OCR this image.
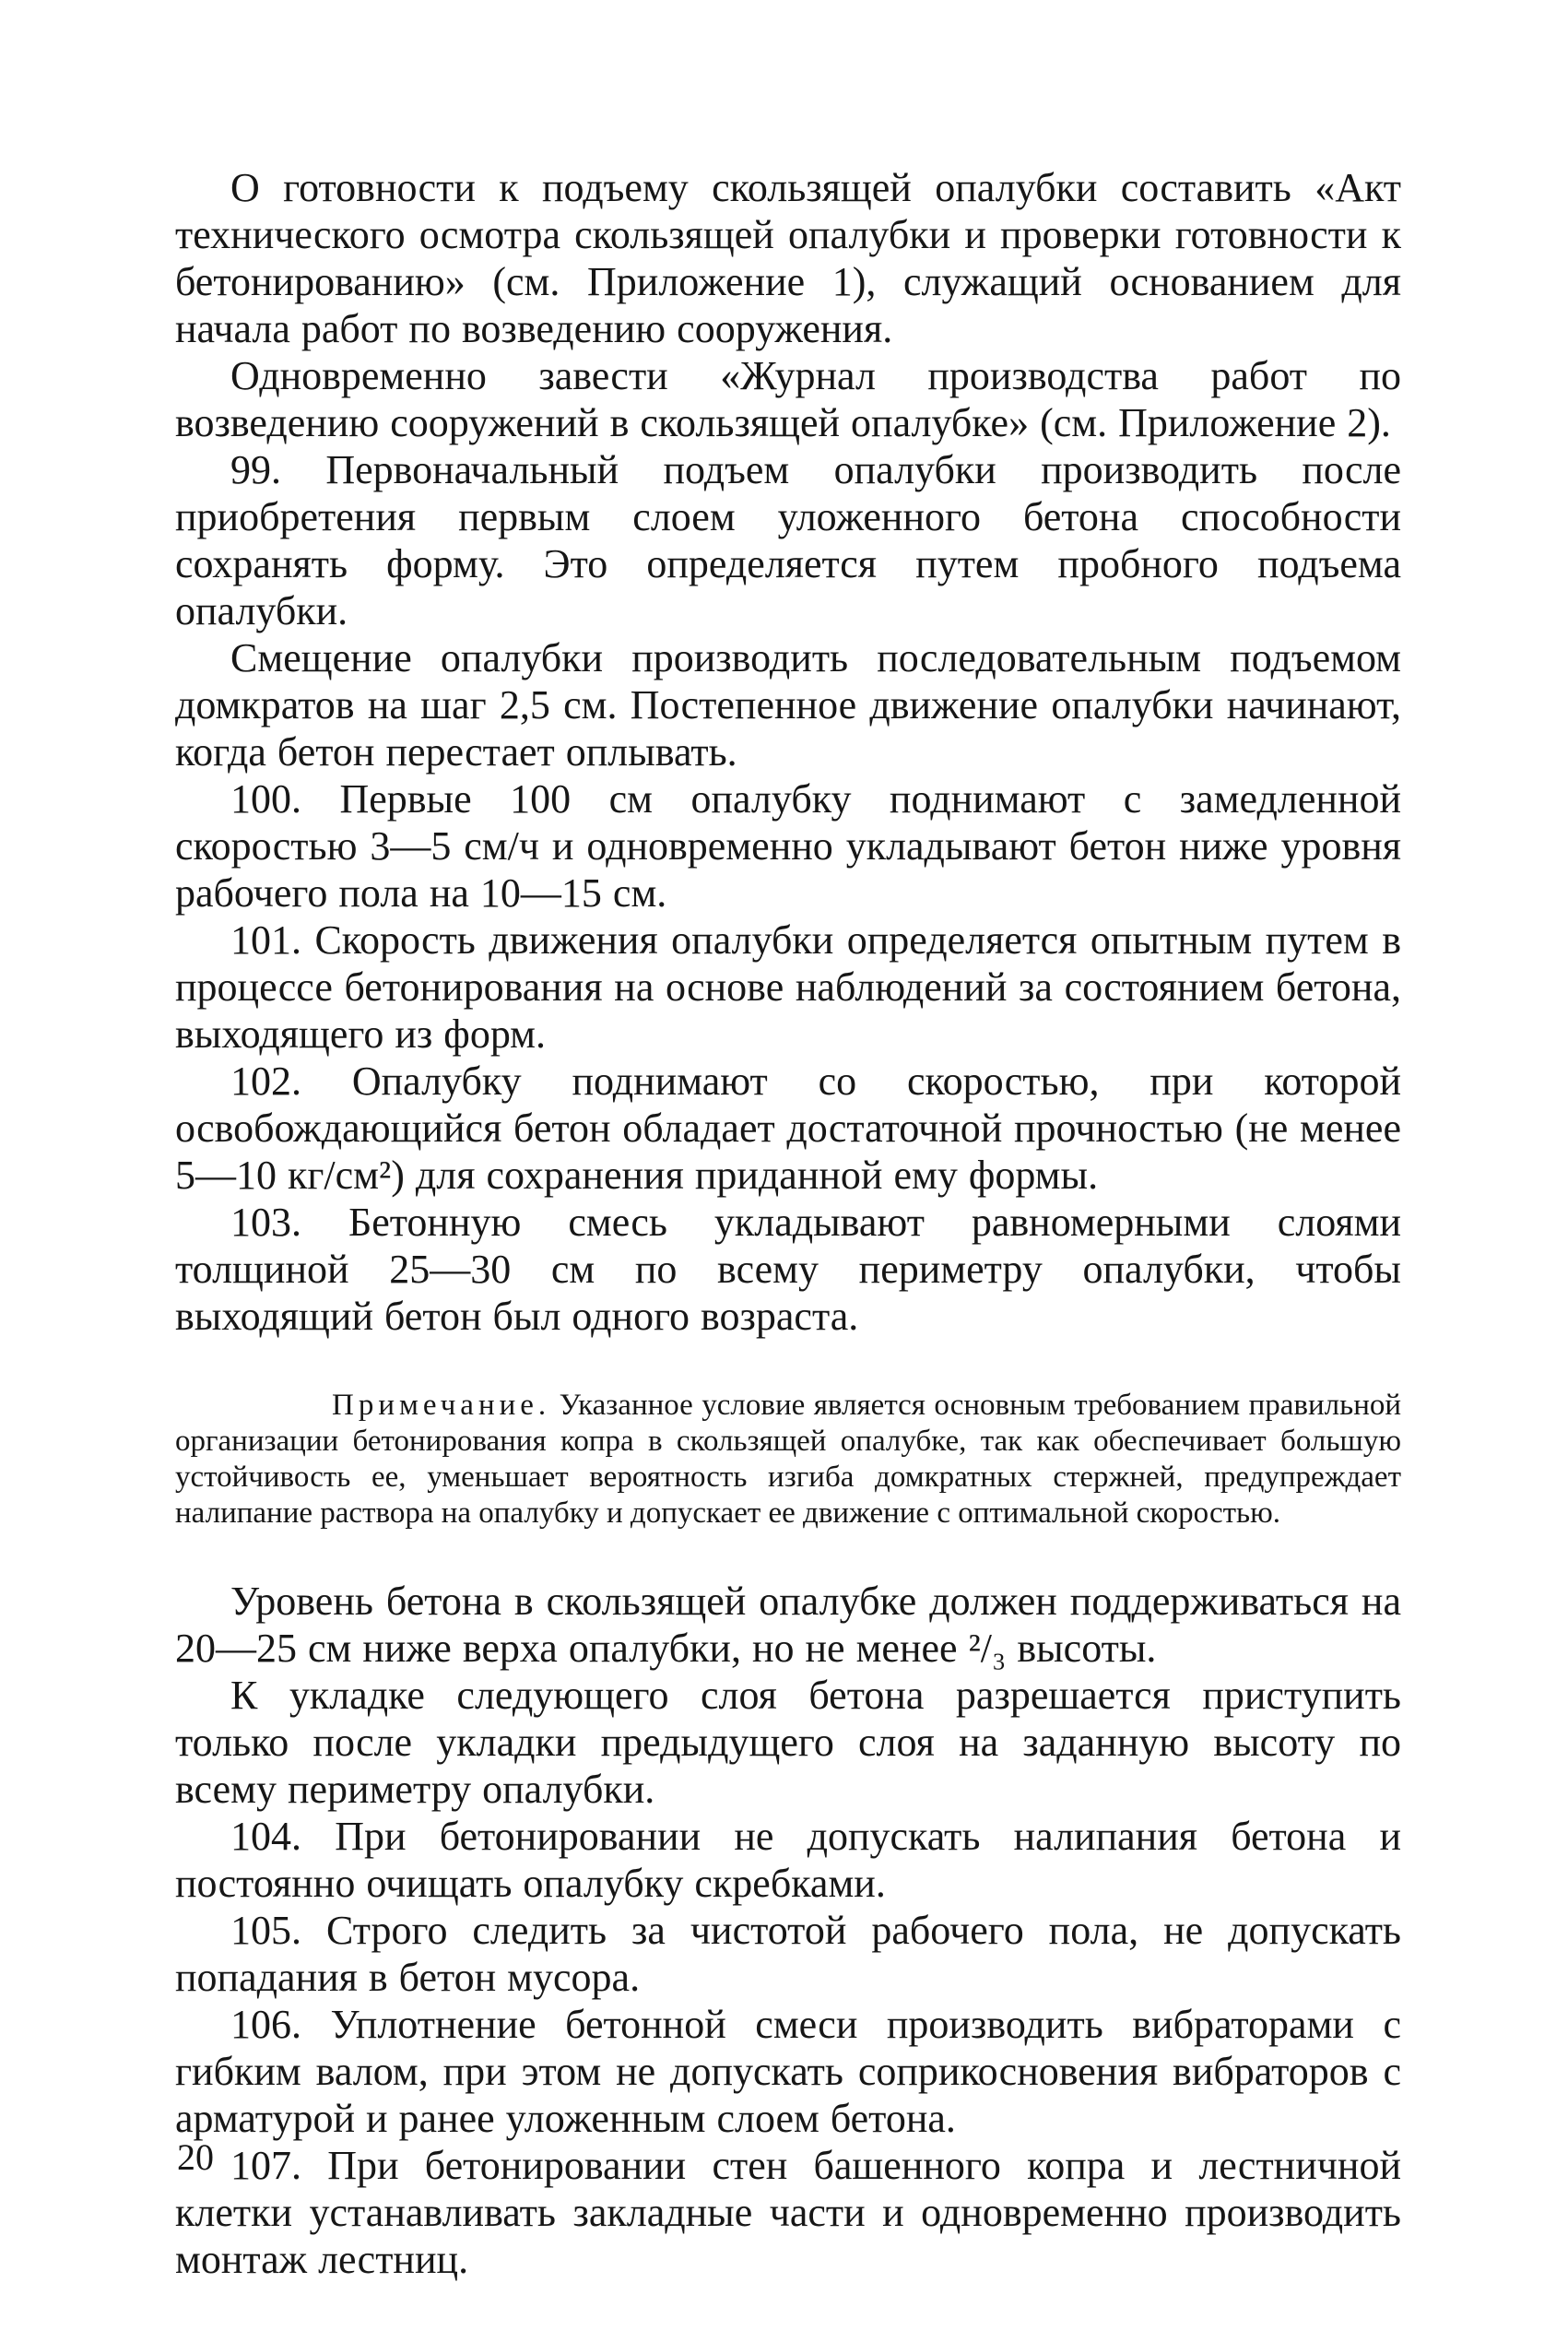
О готовности к подъему скользящей опалубки составить «Акт технического осмотра скользящей опалубки и проверки готовности к бетонированию» (см. Приложение 1), служащий основанием для начала работ по возведению сооружения.

Одновременно завести «Журнал производства работ по возведению сооружений в скользящей опалубке» (см. Приложение 2).

99. Первоначальный подъем опалубки производить после приобретения первым слоем уложенного бетона способности сохранять форму. Это определяется путем пробного подъема опалубки.

Смещение опалубки производить последовательным подъемом домкратов на шаг 2,5 см. Постепенное движение опалубки начинают, когда бетон перестает оплывать.

100. Первые 100 см опалубку поднимают с замедленной скоростью 3—5 см/ч и одновременно укладывают бетон ниже уровня рабочего пола на 10—15 см.

101. Скорость движения опалубки определяется опытным путем в процессе бетонирования на основе наблюдений за состоянием бетона, выходящего из форм.

102. Опалубку поднимают со скоростью, при которой освобождающийся бетон обладает достаточной прочностью (не менее 5—10 кг/см²) для сохранения приданной ему формы.

103. Бетонную смесь укладывают равномерными слоями толщиной 25—30 см по всему периметру опалубки, чтобы выходящий бетон был одного возраста.

Примечание. Указанное условие является основным требованием правильной организации бетонирования копра в скользящей опалубке, так как обеспечивает большую устойчивость ее, уменьшает вероятность изгиба домкратных стержней, предупреждает налипание раствора на опалубку и допускает ее движение с оптимальной скоростью.

Уровень бетона в скользящей опалубке должен поддерживаться на 20—25 см ниже верха опалубки, но не менее ²/₃ высоты.

К укладке следующего слоя бетона разрешается приступить только после укладки предыдущего слоя на заданную высоту по всему периметру опалубки.

104. При бетонировании не допускать налипания бетона и постоянно очищать опалубку скребками.

105. Строго следить за чистотой рабочего пола, не допускать попадания в бетон мусора.

106. Уплотнение бетонной смеси производить вибраторами с гибким валом, при этом не допускать соприкосновения вибраторов с арматурой и ранее уложенным слоем бетона.

107. При бетонировании стен башенного копра и лестничной клетки устанавливать закладные части и одновременно производить монтаж лестниц.

20
